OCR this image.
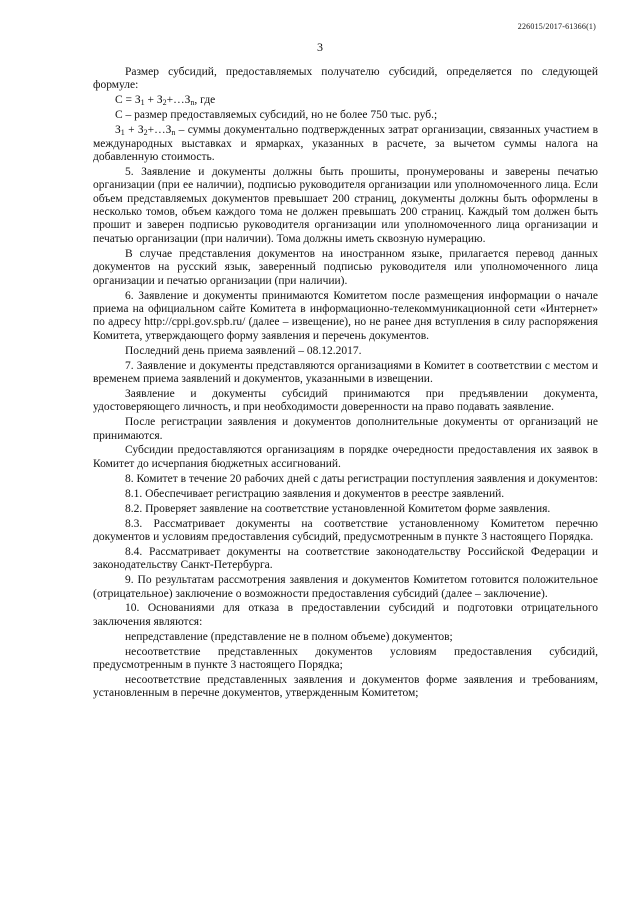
226015/2017-61366(1)
3

Размер субсидий, предоставляемых получателю субсидий, определяется по следующей формуле:

$С = З_1$ + $З_2+\dots З_n$, где

С – размер предоставляемых субсидий, но не более 750 тыс. руб.;

$З_1$ + $З_2+\dots З_n$ – суммы документально подтвержденных затрат организации, связанных участием в международных выставках и ярмарках, указанных в расчете, за вычетом суммы налога на добавленную стоимость.

5. Заявление и документы должны быть прошиты, пронумерованы и заверены печатью организации (при ее наличии), подписью руководителя организации или уполномоченного лица. Если объем представляемых документов превышает 200 страниц, документы должны быть оформлены в несколько томов, объем каждого тома не должен превышать 200 страниц. Каждый том должен быть прошит и заверен подписью руководителя организации или уполномоченного лица организации и печатью организации (при наличии). Тома должны иметь сквозную нумерацию.

В случае представления документов на иностранном языке, прилагается перевод данных документов на русский язык, заверенный подписью руководителя или уполномоченного лица организации и печатью организации (при наличии).

6. Заявление и документы принимаются Комитетом после размещения информации о начале приема на официальном сайте Комитета в информационно-телекоммуникационной сети «Интернет» по адресу http://cppi.gov.spb.ru/ (далее – извещение), но не ранее дня вступления в силу распоряжения Комитета, утверждающего форму заявления и перечень документов.

Последний день приема заявлений – 08.12.2017.

7. Заявление и документы представляются организациями в Комитет в соответствии с местом и временем приема заявлений и документов, указанными в извещении.

Заявление и документы субсидий принимаются при предъявлении документа, удостоверяющего личность, и при необходимости доверенности на право подавать заявление.

После регистрации заявления и документов дополнительные документы от организаций не принимаются.

Субсидии предоставляются организациям в порядке очередности предоставления их заявок в Комитет до исчерпания бюджетных ассигнований.

8. Комитет в течение 20 рабочих дней с даты регистрации поступления заявления и документов:

8.1. Обеспечивает регистрацию заявления и документов в реестре заявлений.

8.2. Проверяет заявление на соответствие установленной Комитетом форме заявления.

8.3. Рассматривает документы на соответствие установленному Комитетом перечню документов и условиям предоставления субсидий, предусмотренным в пункте 3 настоящего Порядка.

8.4. Рассматривает документы на соответствие законодательству Российской Федерации и законодательству Санкт-Петербурга.

9. По результатам рассмотрения заявления и документов Комитетом готовится положительное (отрицательное) заключение о возможности предоставления субсидий (далее – заключение).

10. Основаниями для отказа в предоставлении субсидий и подготовки отрицательного заключения являются:

непредставление (представление не в полном объеме) документов;

несоответствие представленных документов условиям предоставления субсидий, предусмотренным в пункте 3 настоящего Порядка;

несоответствие представленных заявления и документов форме заявления и требованиям, установленным в перечне документов, утвержденным Комитетом;
